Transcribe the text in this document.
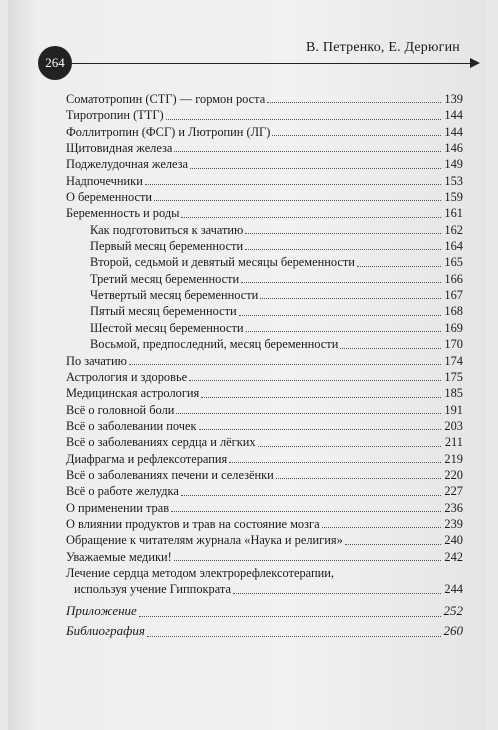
264
В. Петренко, Е. Дерюгин
Соматотропин (СТГ) — гормон роста	139
Тиротропин (ТТГ)	144
Фоллитропин (ФСГ) и Лютропин (ЛГ)	144
Щитовидная железа	146
Поджелудочная железа	149
Надпочечники	153
О беременности	159
Беременность и роды	161
Как подготовиться к зачатию	162
Первый месяц беременности	164
Второй, седьмой и девятый месяцы беременности	165
Третий месяц беременности	166
Четвертый месяц беременности	167
Пятый месяц беременности	168
Шестой месяц беременности	169
Восьмой, предпоследний, месяц беременности	170
По зачатию	174
Астрология и здоровье	175
Медицинская астрология	185
Всё о головной боли	191
Всё о заболевании почек	203
Всё о заболеваниях сердца и лёгких	211
Диафрагма и рефлексотерапия	219
Всё о заболеваниях печени и селезёнки	220
Всё о работе желудка	227
О применении трав	236
О влиянии продуктов и трав на состояние мозга	239
Обращение к читателям журнала «Наука и религия»	240
Уважаемые медики!	242
Лечение сердца методом электрорефлексотерапии,
используя учение Гиппократа	244
Приложение	252
Библиография	260
